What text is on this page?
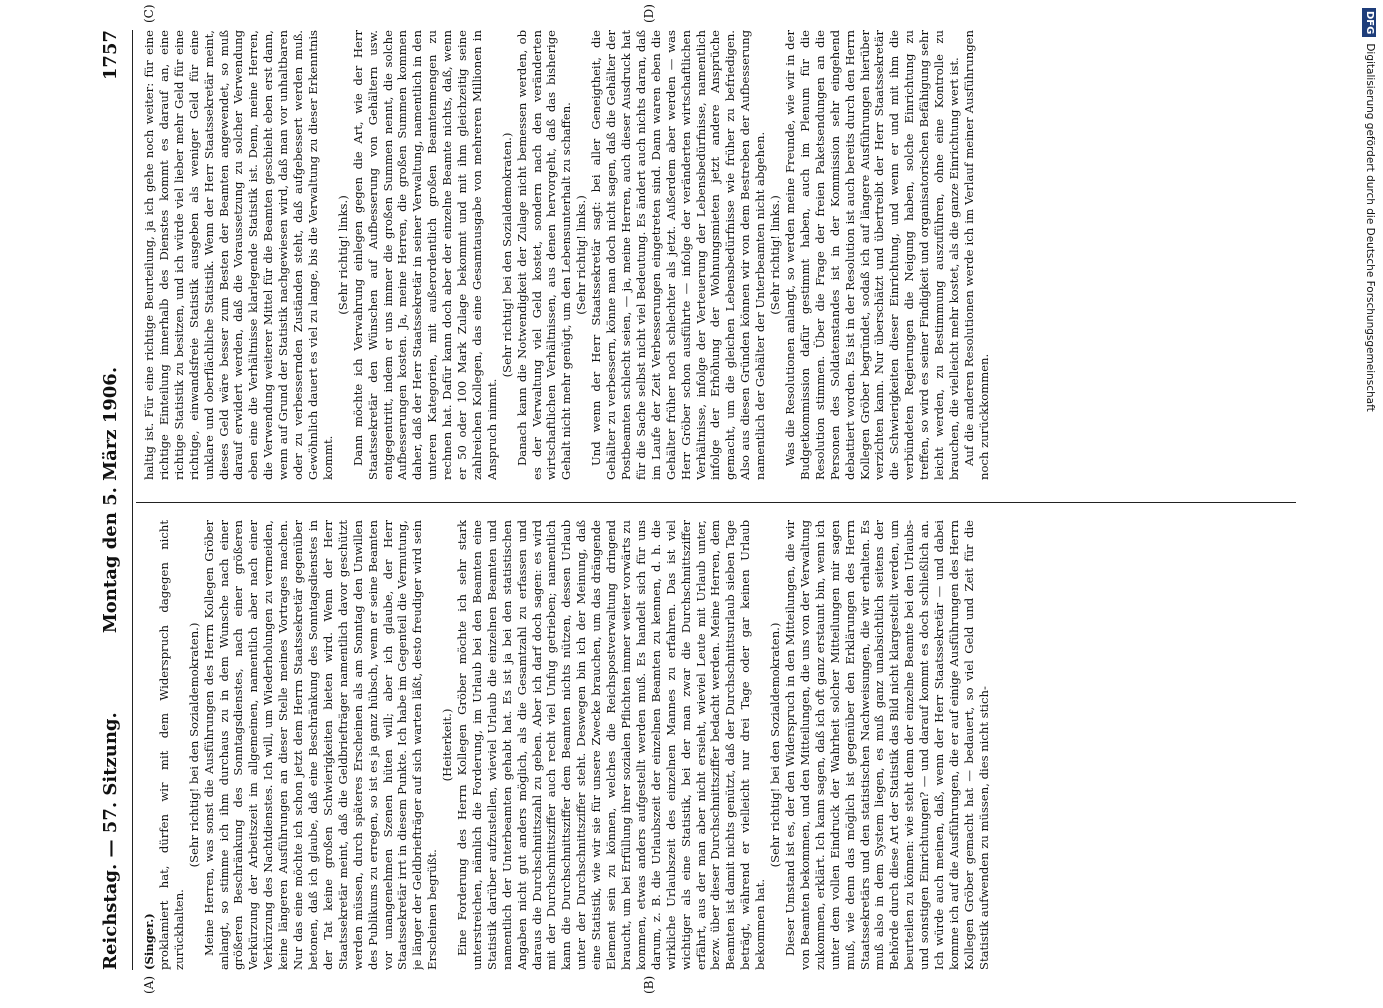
Reichstag. — 57. Sitzung.
Montag den 5. März 1906.
1757
(A)	(B)
(C)	(D)

(Singer.) proklamiert hat, dürfen wir mit dem Widerspruch dagegen nicht zurückhalten.

(Sehr richtig! bei den Sozialdemokraten.) Meine Herren, was sonst die Ausführungen des Herrn Kollegen Gröber anlangt, so stimme ich ihm durchaus zu in dem Wunsche nach einer größeren Beschränkung des Sonntagsdienstes, nach einer größeren Verkürzung der Arbeitszeit im allgemeinen, namentlich aber nach einer Verkürzung des Nachtdienstes. Ich will, um Wiederholungen zu vermeiden, keine längeren Ausführungen an dieser Stelle meines Vortrages machen. Nur das eine möchte ich schon jetzt dem Herrn Staatssekretär gegenüber betonen, daß ich glaube, daß eine Beschränkung des Sonntagsdienstes in der Tat keine großen Schwierigkeiten bieten wird. Wenn der Herr Staatssekretär meint, daß die Geldbriefträger namentlich davor geschützt werden müssen, durch späteres Erscheinen als am Sonntag den Unwillen des Publikums zu erregen, so ist es ja ganz hübsch, wenn er seine Beamten vor unangenehmen Szenen hüten will; aber ich glaube, der Herr Staatssekretär irrt in diesem Punkte. Ich habe im Gegenteil die Vermutung, je länger der Geldbriefträger auf sich warten läßt, desto freudiger wird sein Erscheinen begrüßt.

(Heiterkeit.) Eine Forderung des Herrn Kollegen Gröber möchte ich sehr stark unterstreichen, nämlich die Forderung, im Urlaub bei den Beamten eine Statistik darüber aufzustellen, wieviel Urlaub die einzelnen Beamten und namentlich der Unterbeamten gehabt hat. Es ist ja bei den statistischen Angaben nicht gut anders möglich, als die Gesamtzahl zu erfassen und daraus die Durchschnittszahl zu geben. Aber ich darf doch sagen: es wird mit der Durchschnittsziffer auch recht viel Unfug getrieben; namentlich kann die Durchschnittsziffer dem Beamten nichts nützen, dessen Urlaub unter der Durchschnittsziffer steht. Deswegen bin ich der Meinung, daß eine Statistik, wie wir sie für unsere Zwecke brauchen, um das drängende Element sein zu können, welches die Reichspostverwaltung dringend braucht, um bei Erfüllung ihrer sozialen Pflichten immer weiter vorwärts zu kommen, etwas anders aufgestellt werden muß. Es handelt sich für uns darum, z. B. die Urlaubszeit der einzelnen Beamten zu kennen, d. h. die wirkliche Urlaubszeit des einzelnen Mannes zu erfahren. Das ist viel wichtiger als eine Statistik, bei der man zwar die Durchschnittsziffer erfährt, aus der man aber nicht ersieht, wieviel Leute mit Urlaub unter, bezw. über dieser Durchschnittsziffer bedacht werden. Meine Herren, dem Beamten ist damit nichts genützt, daß der Durchschnittsurlaub sieben Tage beträgt, während er vielleicht nur drei Tage oder gar keinen Urlaub bekommen hat.

(Sehr richtig! bei den Sozialdemokraten.) Dieser Umstand ist es, der den Widerspruch in den Mitteilungen, die wir von Beamten bekommen, und den Mitteilungen, die uns von der Verwaltung zukommen, erklärt. Ich kann sagen, daß ich oft ganz erstaunt bin, wenn ich unter dem vollen Eindruck der Wahrheit solcher Mitteilungen mir sagen muß, wie denn das möglich ist gegenüber den Erklärungen des Herrn Staatssekretärs und den statistischen Nachweisungen, die wir erhalten. Es muß also in dem System liegen, es muß ganz unabsichtlich seitens der Behörde durch diese Art der Statistik das Bild nicht klargestellt werden, um beurteilen zu können: wie steht denn der einzelne Beamte bei den Urlaubs- und sonstigen Einrichtungen? — und darauf kommt es doch schließlich an. Ich würde auch meinen, daß, wenn der Herr Staatssekretär — und dabei komme ich auf die Ausführungen, die er auf einige Ausführungen des Herrn Kollegen Gröber gemacht hat — bedauert, so viel Geld und Zeit für die Statistik aufwenden zu müssen, dies nicht stich-

haltig ist. Für eine richtige Beurteilung, ja ich gehe noch weiter: für eine richtige Einteilung innerhalb des Dienstes kommt es darauf an, eine richtige Statistik zu besitzen, und ich würde viel lieber mehr Geld für eine richtige, einwandsfreie Statistik ausgeben als weniger Geld für eine unklare und oberflächliche Statistik. Wenn der Herr Staatssekretär meint, dieses Geld wäre besser zum Besten der Beamten angewendet, so muß darauf erwidert werden, daß die Voraussetzung zu solcher Verwendung eben eine die Verhältnisse klarlegende Statistik ist. Denn, meine Herren, die Verwendung weiterer Mittel für die Beamten geschieht eben erst dann, wenn auf Grund der Statistik nachgewiesen wird, daß man vor unhaltbaren oder zu verbessernden Zuständen steht, daß aufgebessert werden muß. Gewöhnlich dauert es viel zu lange, bis die Verwaltung zu dieser Erkenntnis kommt.

(Sehr richtig! links.) Dann möchte ich Verwahrung einlegen gegen die Art, wie der Herr Staatssekretär den Wünschen auf Aufbesserung von Gehältern usw. entgegentritt, indem er uns immer die großen Summen nennt, die solche Aufbesserungen kosten. Ja, meine Herren, die großen Summen kommen daher, daß der Herr Staatssekretär in seiner Verwaltung, namentlich in den unteren Kategorien, mit außerordentlich großen Beamtenmengen zu rechnen hat. Dafür kann doch aber der einzelne Beamte nichts, daß, wenn er 50 oder 100 Mark Zulage bekommt und mit ihm gleichzeitig seine zahlreichen Kollegen, das eine Gesamtausgabe von mehreren Millionen in Anspruch nimmt.

(Sehr richtig! bei den Sozialdemokraten.) Danach kann die Notwendigkeit der Zulage nicht bemessen werden, ob es der Verwaltung viel Geld kostet, sondern nach den veränderten wirtschaftlichen Verhältnissen, aus denen hervorgeht, daß das bisherige Gehalt nicht mehr genügt, um den Lebensunterhalt zu schaffen. (Sehr richtig! links.) Und wenn der Herr Staatssekretär sagt: bei aller Geneigtheit, die Gehälter zu verbessern, könne man doch nicht sagen, daß die Gehälter der Postbeamten schlecht seien, — ja, meine Herren, auch dieser Ausdruck hat für die Sache selbst nicht viel Bedeutung. Es ändert auch nichts daran, daß im Laufe der Zeit Verbesserungen eingetreten sind. Dann waren eben die Gehälter früher noch schlechter als jetzt. Außerdem aber werden — was Herr Gröber schon ausführte — infolge der veränderten wirtschaftlichen Verhältnisse, infolge der Verteuerung der Lebensbedürfnisse, namentlich infolge der Erhöhung der Wohnungsmieten jetzt andere Ansprüche gemacht, um die gleichen Lebensbedürfnisse wie früher zu befriedigen. Also aus diesen Gründen können wir von dem Bestreben der Aufbesserung namentlich der Gehälter der Unterbeamten nicht abgehen. (Sehr richtig! links.) Was die Resolutionen anlangt, so werden meine Freunde, wie wir in der Budgetkommission dafür gestimmt haben, auch im Plenum für die Resolution stimmen. Über die Frage der freien Paketsendungen an die Personen des Soldatenstandes ist in der Kommission sehr eingehend debattiert worden. Es ist in der Resolution ist auch bereits durch den Herrn Kollegen Gröber begründet, sodaß ich auf längere Ausführungen hierüber verzichten kann. Nur überschätzt und übertreibt der Herr Staatssekretär die Schwierigkeiten dieser Einrichtung, und wenn er und mit ihm die verbündeten Regierungen die Neigung haben, solche Einrichtung zu treffen, so wird es seiner Findigkeit und organisatorischen Befähigung sehr leicht werden, zu Bestimmung auszuführen, ohne eine Kontrolle zu brauchen, die vielleicht mehr kostet, als die ganze Einrichtung wert ist. Auf die anderen Resolutionen werde ich im Verlauf meiner Ausführungen noch zurückkommen.

DFGDigitalisierung gefördert durch die Deutsche Forschungsgemeinschaft
